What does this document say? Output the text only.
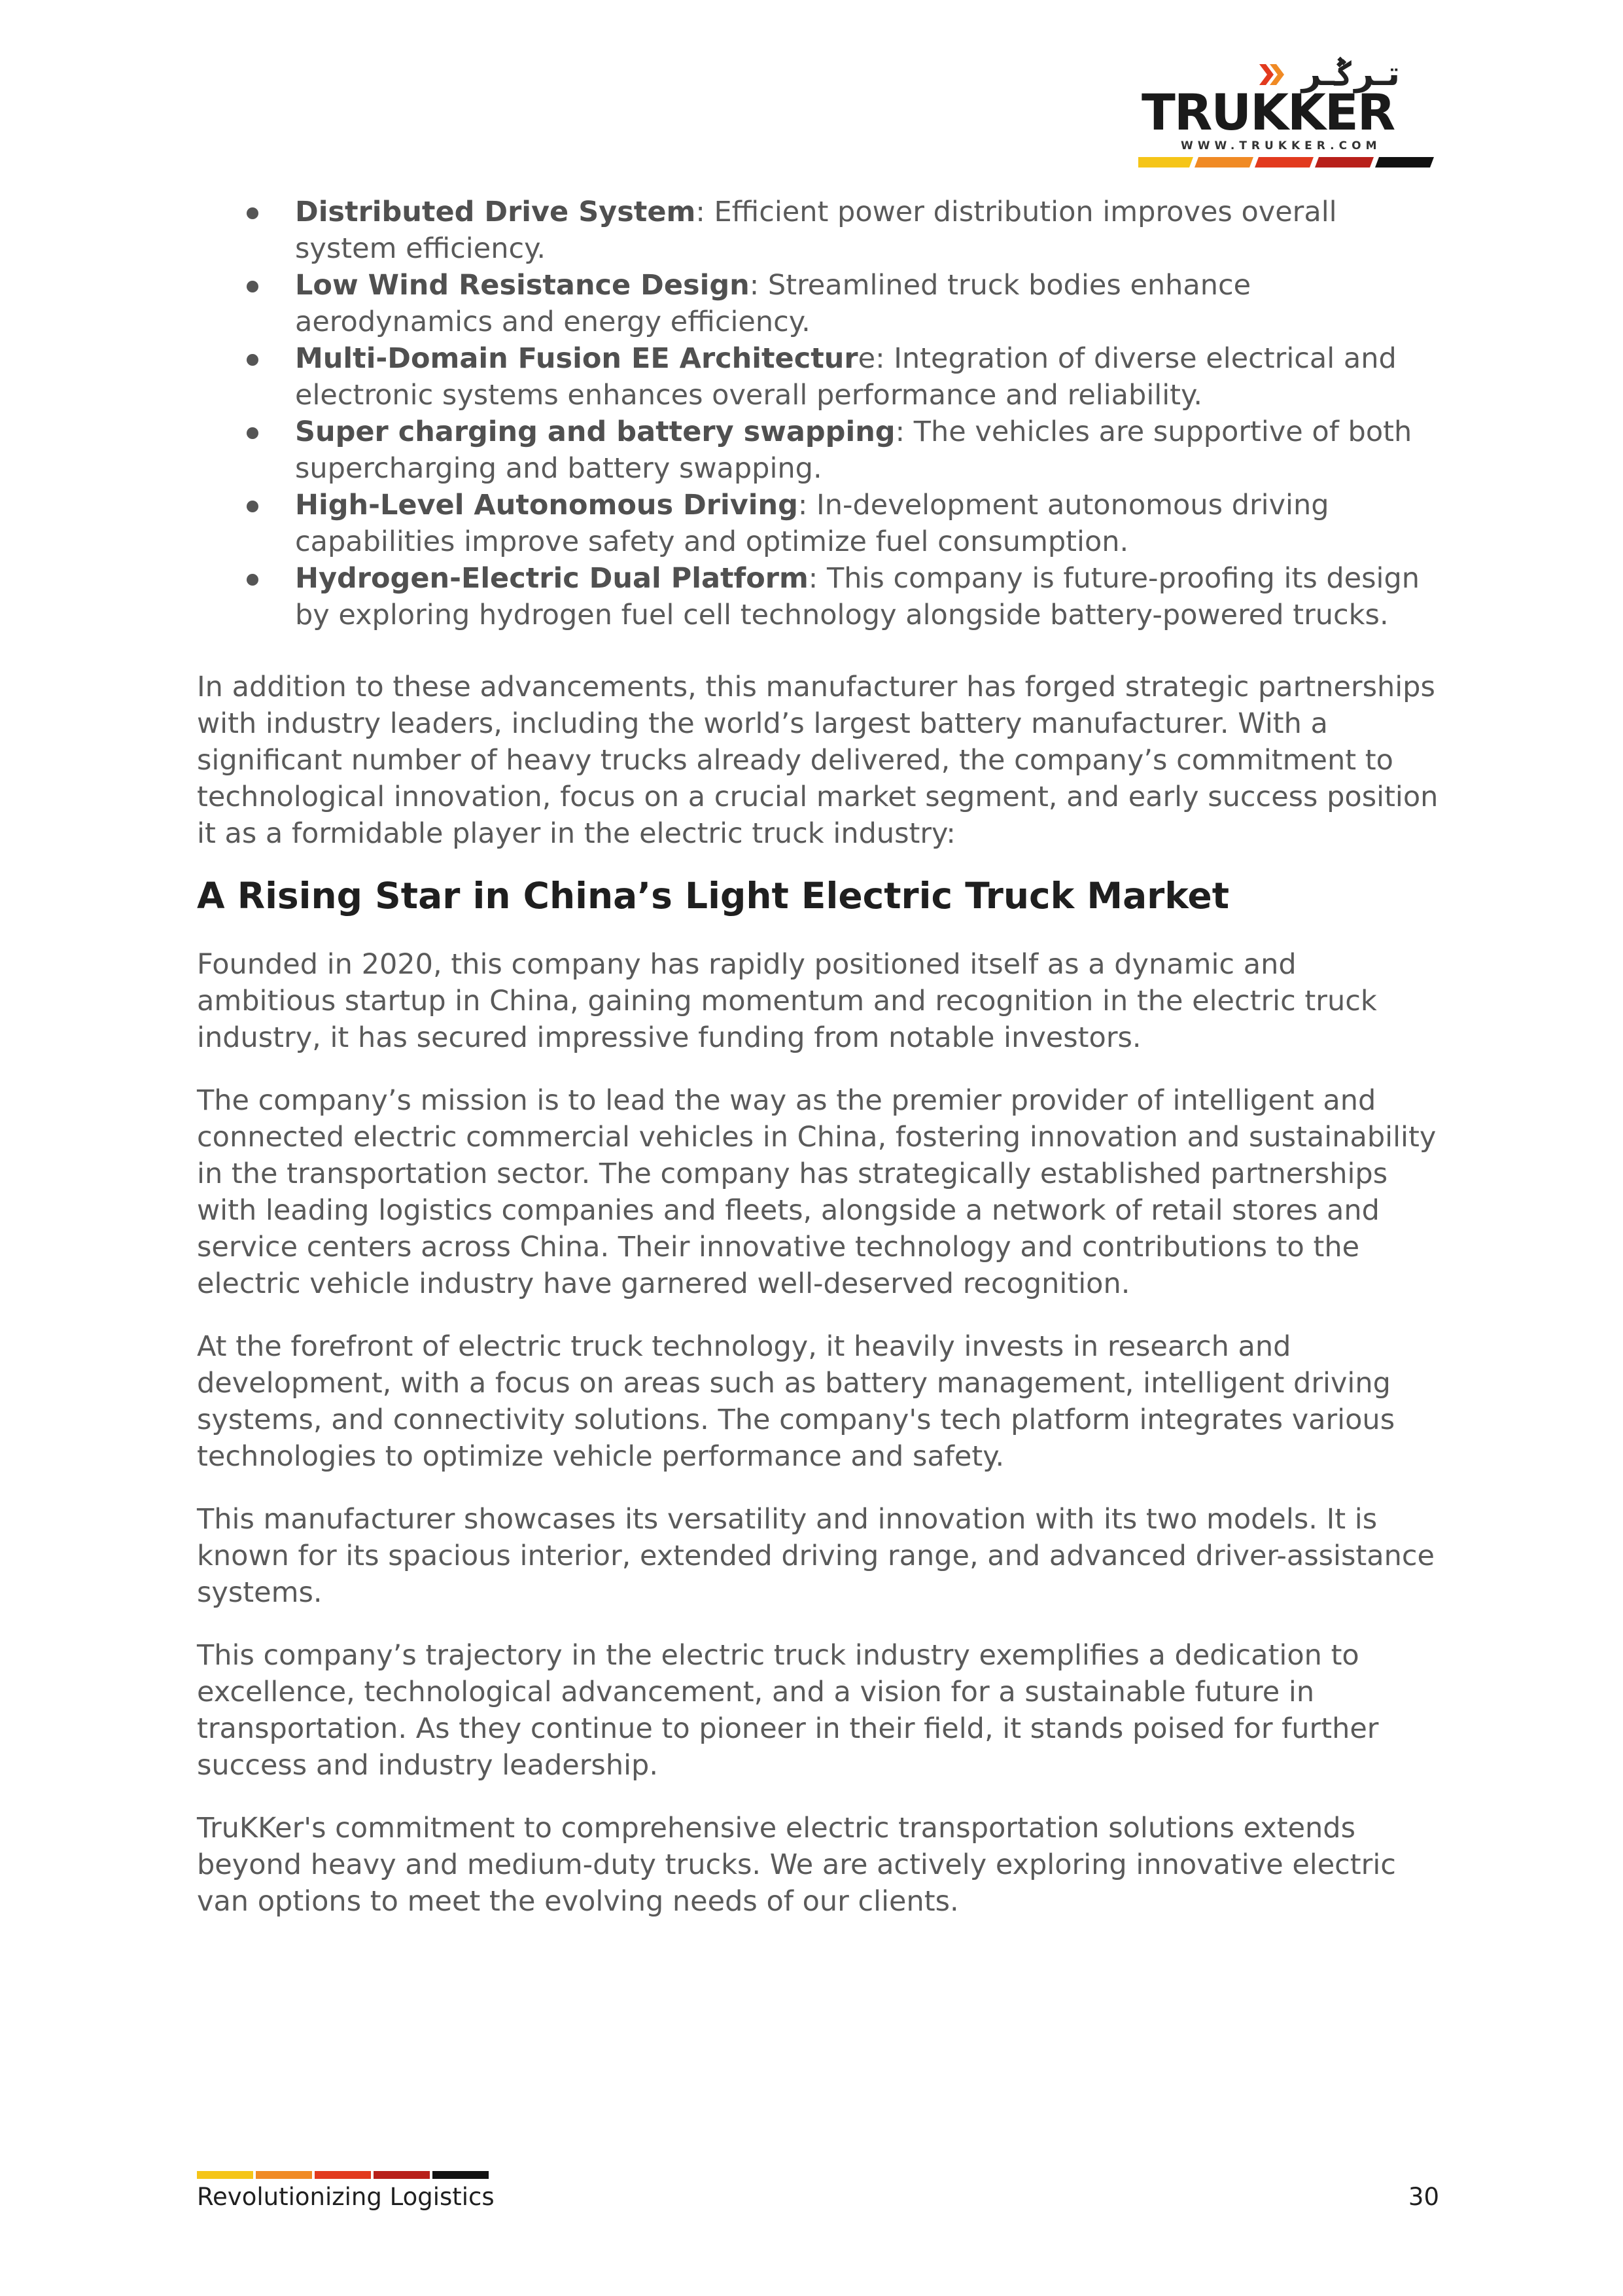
تـرݣـر
TRUKKER
WWW.TRUKKER.COM
Distributed Drive System: Efficient power distribution improves overall system efficiency.
Low Wind Resistance Design: Streamlined truck bodies enhance aerodynamics and energy efficiency.
Multi-Domain Fusion EE Architecture: Integration of diverse electrical and electronic systems enhances overall performance and reliability.
Super charging and battery swapping: The vehicles are supportive of both supercharging and battery swapping.
High-Level Autonomous Driving: In-development autonomous driving capabilities improve safety and optimize fuel consumption.
Hydrogen-Electric Dual Platform: This company is future-proofing its design by exploring hydrogen fuel cell technology alongside battery-powered trucks.

In addition to these advancements, this manufacturer has forged strategic partnerships with industry leaders, including the world’s largest battery manufacturer. With a significant number of heavy trucks already delivered, the company’s commitment to technological innovation, focus on a crucial market segment, and early success position it as a formidable player in the electric truck industry:

A Rising Star in China’s Light Electric Truck Market

Founded in 2020, this company has rapidly positioned itself as a dynamic and ambitious startup in China, gaining momentum and recognition in the electric truck industry, it has secured impressive funding from notable investors.

The company’s mission is to lead the way as the premier provider of intelligent and connected electric commercial vehicles in China, fostering innovation and sustainability in the transportation sector. The company has strategically established partnerships with leading logistics companies and fleets, alongside a network of retail stores and service centers across China. Their innovative technology and contributions to the electric vehicle industry have garnered well-deserved recognition.

At the forefront of electric truck technology, it heavily invests in research and development, with a focus on areas such as battery management, intelligent driving systems, and connectivity solutions. The company's tech platform integrates various technologies to optimize vehicle performance and safety.

This manufacturer showcases its versatility and innovation with its two models. It is known for its spacious interior, extended driving range, and advanced driver-assistance systems.

This company’s trajectory in the electric truck industry exemplifies a dedication to excellence, technological advancement, and a vision for a sustainable future in transportation. As they continue to pioneer in their field, it stands poised for further success and industry leadership.

TruKKer's commitment to comprehensive electric transportation solutions extends beyond heavy and medium-duty trucks. We are actively exploring innovative electric van options to meet the evolving needs of our clients.

Revolutionizing Logistics	30
